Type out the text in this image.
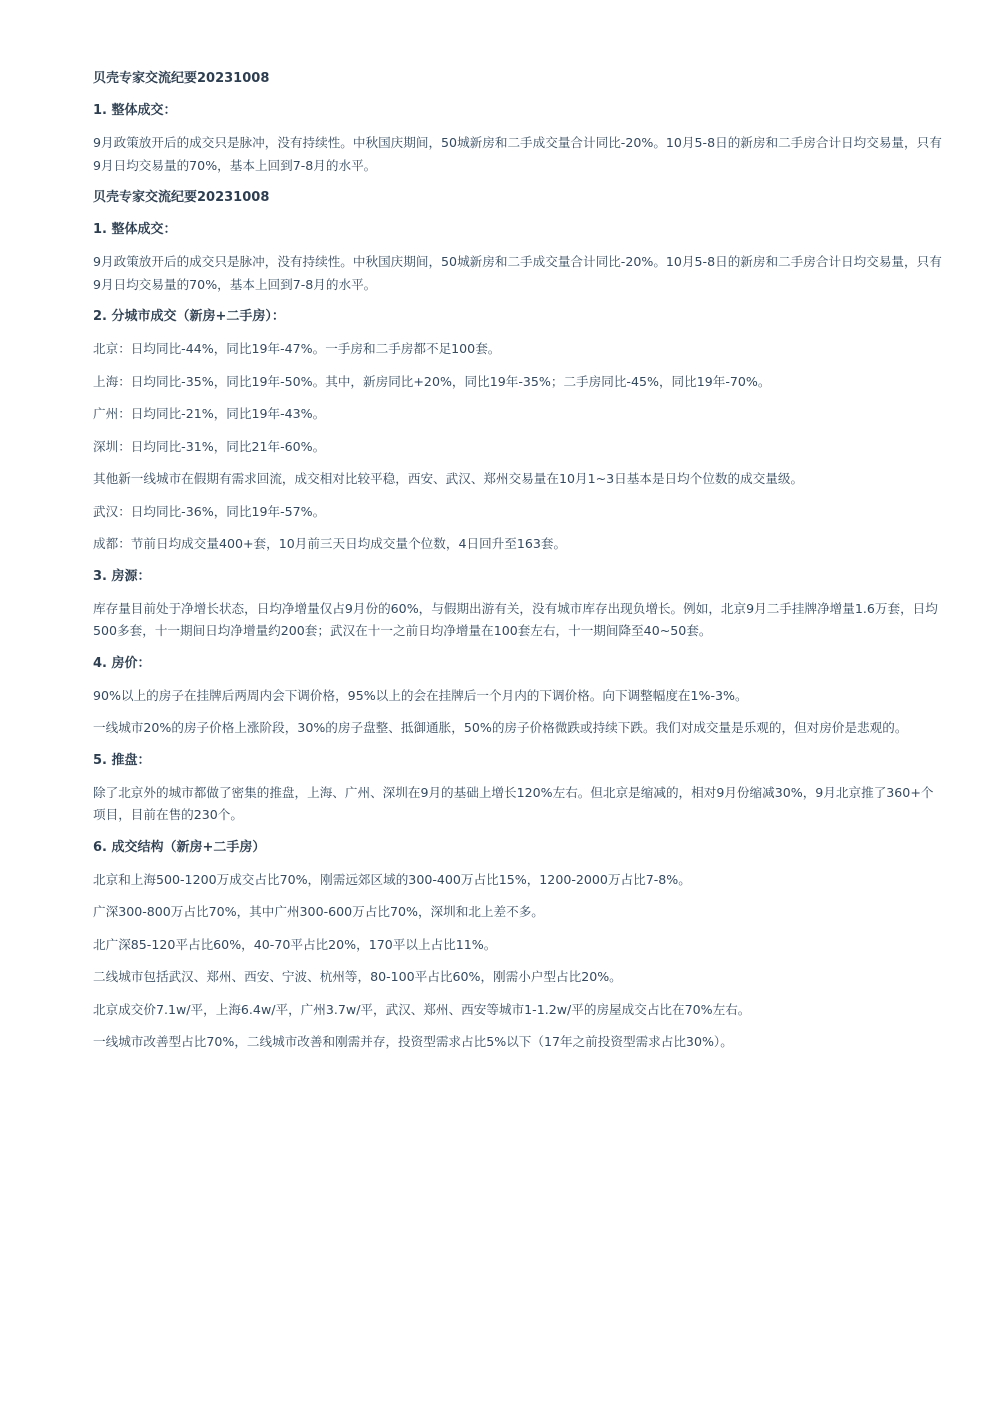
贝壳专家交流纪要20231008
1. 整体成交：
9月政策放开后的成交只是脉冲，没有持续性。中秋国庆期间，50城新房和二手成交量合计同比-20%。10月5-8日的新房和二手房合计日均交易量，只有9月日均交易量的70%，基本上回到7-8月的水平。
贝壳专家交流纪要20231008
1. 整体成交：
9月政策放开后的成交只是脉冲，没有持续性。中秋国庆期间，50城新房和二手成交量合计同比-20%。10月5-8日的新房和二手房合计日均交易量，只有9月日均交易量的70%，基本上回到7-8月的水平。
2. 分城市成交（新房+二手房）：
北京：日均同比-44%，同比19年-47%。一手房和二手房都不足100套。
上海：日均同比-35%，同比19年-50%。其中，新房同比+20%，同比19年-35%；二手房同比-45%，同比19年-70%。
广州：日均同比-21%，同比19年-43%。
深圳：日均同比-31%，同比21年-60%。
其他新一线城市在假期有需求回流，成交相对比较平稳，西安、武汉、郑州交易量在10月1~3日基本是日均个位数的成交量级。
武汉：日均同比-36%，同比19年-57%。
成都：节前日均成交量400+套，10月前三天日均成交量个位数，4日回升至163套。
3. 房源：
库存量目前处于净增长状态，日均净增量仅占9月份的60%，与假期出游有关，没有城市库存出现负增长。例如，北京9月二手挂牌净增量1.6万套，日均500多套，十一期间日均净增量约200套；武汉在十一之前日均净增量在100套左右，十一期间降至40~50套。
4. 房价：
90%以上的房子在挂牌后两周内会下调价格，95%以上的会在挂牌后一个月内的下调价格。向下调整幅度在1%-3%。
一线城市20%的房子价格上涨阶段，30%的房子盘整、抵御通胀，50%的房子价格微跌或持续下跌。我们对成交量是乐观的，但对房价是悲观的。
5. 推盘：
除了北京外的城市都做了密集的推盘，上海、广州、深圳在9月的基础上增长120%左右。但北京是缩减的，相对9月份缩减30%，9月北京推了360+个项目，目前在售的230个。
6. 成交结构（新房+二手房）
北京和上海500-1200万成交占比70%，刚需远郊区域的300-400万占比15%，1200-2000万占比7-8%。
广深300-800万占比70%，其中广州300-600万占比70%，深圳和北上差不多。
北广深85-120平占比60%，40-70平占比20%，170平以上占比11%。
二线城市包括武汉、郑州、西安、宁波、杭州等，80-100平占比60%，刚需小户型占比20%。
北京成交价7.1w/平，上海6.4w/平，广州3.7w/平，武汉、郑州、西安等城市1-1.2w/平的房屋成交占比在70%左右。
一线城市改善型占比70%，二线城市改善和刚需并存，投资型需求占比5%以下（17年之前投资型需求占比30%）。
